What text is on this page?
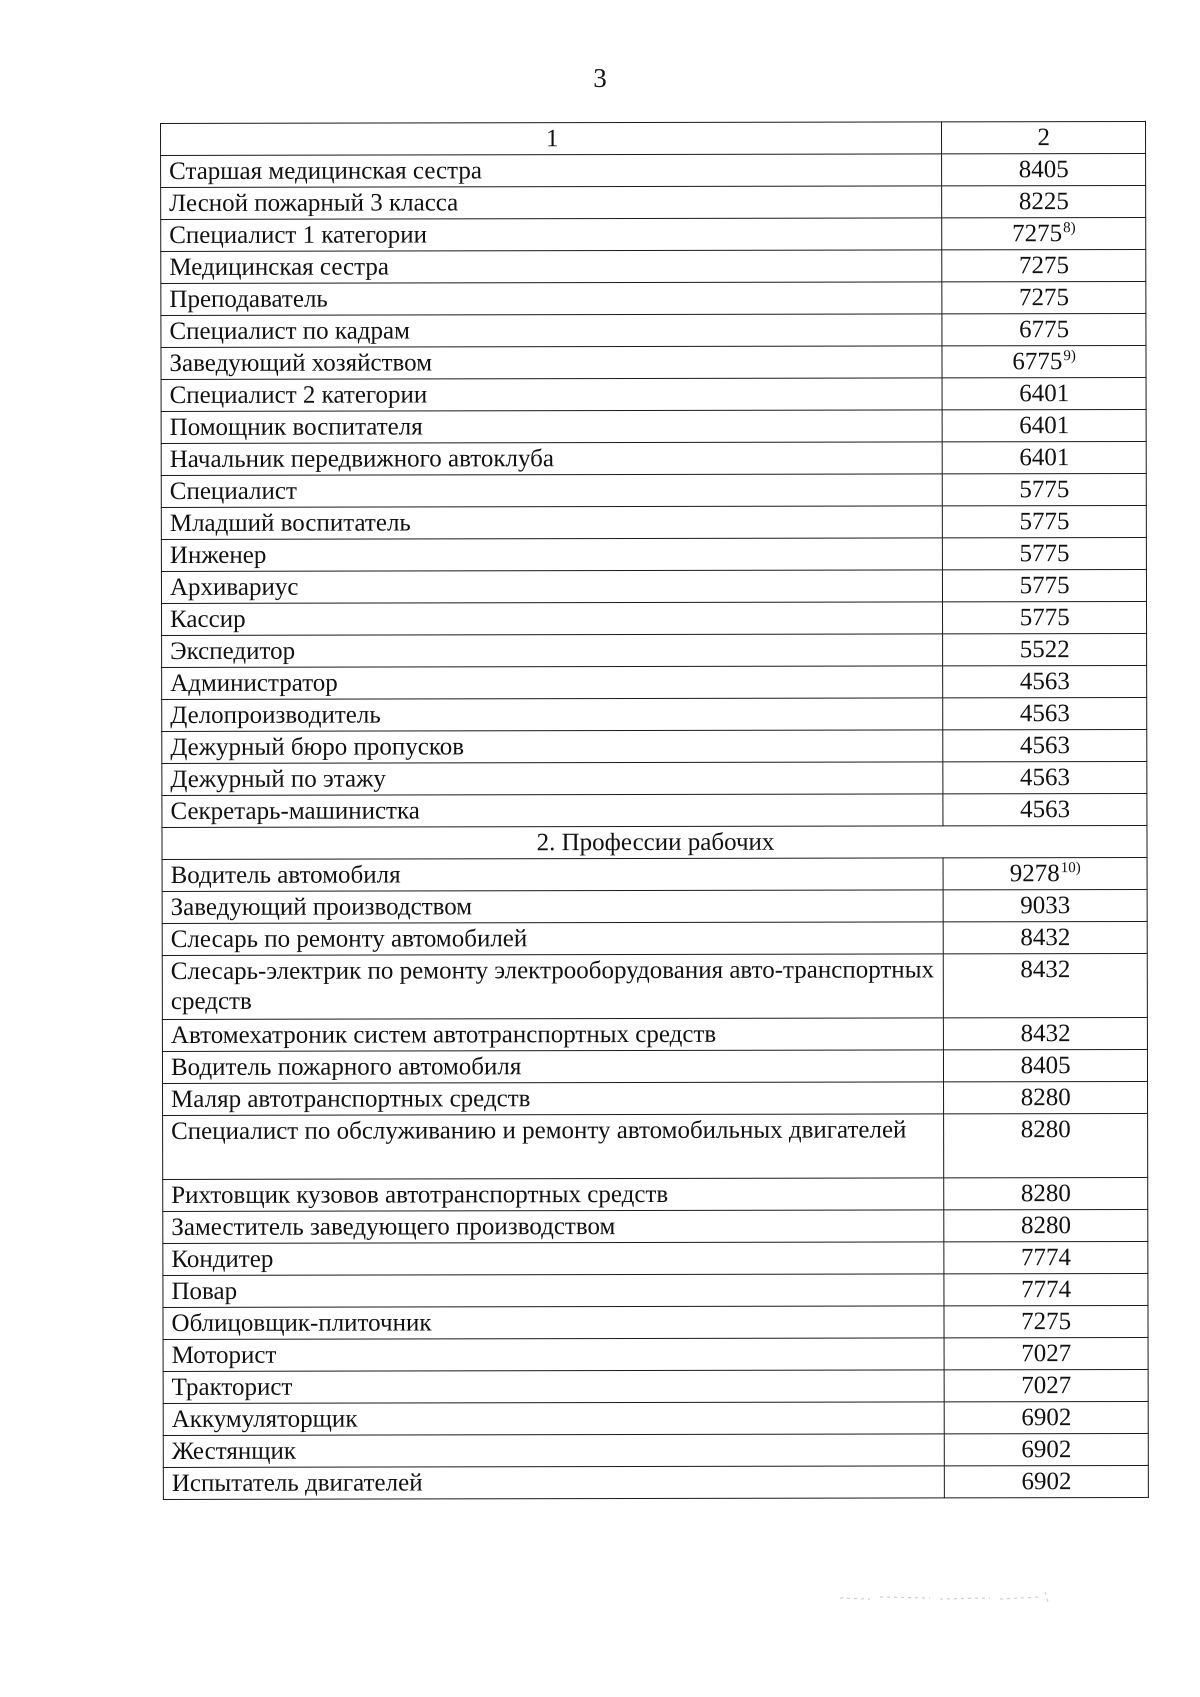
3
1	2
Старшая медицинская сестра	8405
Лесной пожарный 3 класса	8225
Специалист 1 категории	7275$^{8)}$
Медицинская сестра	7275
Преподаватель	7275
Специалист по кадрам	6775
Заведующий хозяйством	6775$^{9)}$
Специалист 2 категории	6401
Помощник воспитателя	6401
Начальник передвижного автоклуба	6401
Специалист	5775
Младший воспитатель	5775
Инженер	5775
Архивариус	5775
Кассир	5775
Экспедитор	5522
Администратор	4563
Делопроизводитель	4563
Дежурный бюро пропусков	4563
Дежурный по этажу	4563
Секретарь-машинистка	4563
2. Профессии рабочих	
Водитель автомобиля	9278$^{10)}$
Заведующий производством	9033
Слесарь по ремонту автомобилей	8432
Слесарь-электрик по ремонту электрооборудования авто-транспортных средств	8432
Автомехатроник систем автотранспортных средств	8432
Водитель пожарного автомобиля	8405
Маляр автотранспортных средств	8280
Специалист по обслуживанию и ремонту автомобильных двигателей	8280
Рихтовщик кузовов автотранспортных средств	8280
Заместитель заведующего производством	8280
Кондитер	7774
Повар	7774
Облицовщик-плиточник	7275
Моторист	7027
Тракторист	7027
Аккумуляторщик	6902
Жестянщик	6902
Испытатель двигателей	6902
